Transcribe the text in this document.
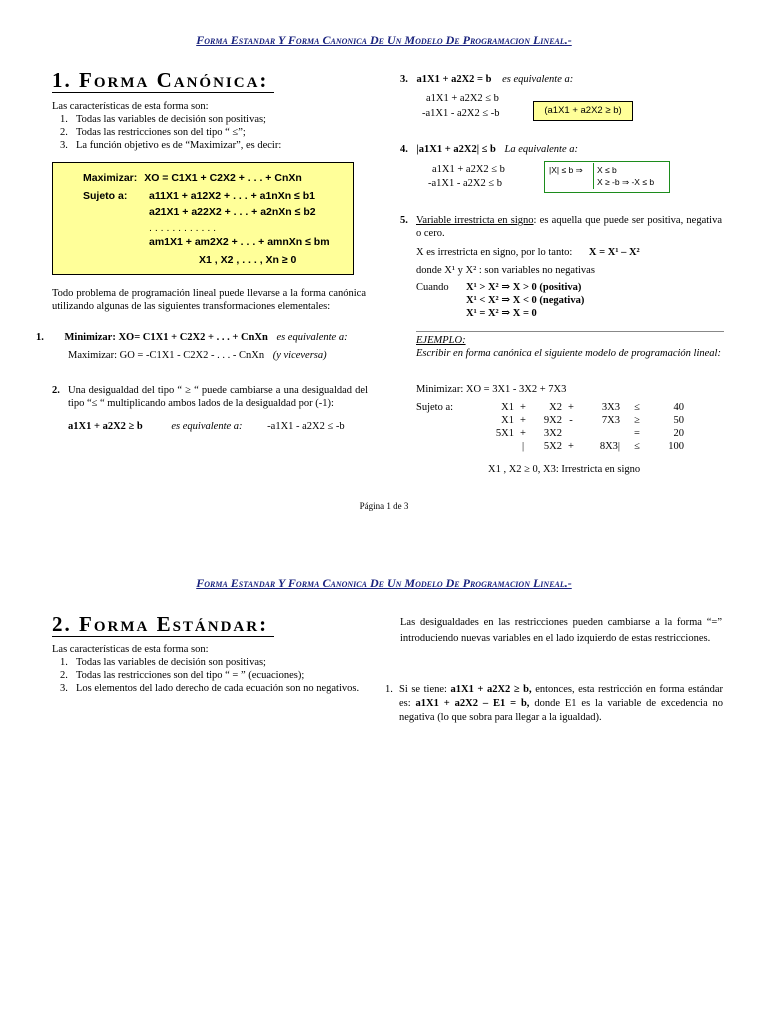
Forma Estandar Y Forma Canonica De Un Modelo De Programacion Lineal.-
1. Forma Canónica:
Las características de esta forma son:
1. Todas las variables de decisión son positivas;
2. Todas las restricciones son del tipo “ ≤”;
3. La función objetivo es de “Maximizar”, es decir:
Maximizar: XO = C1X1 + C2X2 + . . . + CnXn
Sujeto a: a11X1 + a12X2 + . . . + a1nXn ≤ b1
a21X1 + a22X2 + . . . + a2nXn ≤ b2
. . . . . . . . . . . .
am1X1 + am2X2 + . . . + amnXn ≤ bm
X1 , X2 , . . . , Xn ≥ 0
Todo problema de programación lineal puede llevarse a la forma canónica utilizando algunas de las siguientes transformaciones elementales:
1. Minimizar: XO= C1X1 + C2X2 + . . . + CnXn es equivalente a:
Maximizar: GO = -C1X1 - C2X2 - . . . - CnXn (y viceversa)
2. Una desigualdad del tipo “ ≥ “ puede cambiarse a una desigualdad del tipo “≤ “ multiplicando ambos lados de la desigualdad por (-1):
a1X1 + a2X2 ≥ b	es equivalente a: -a1X1 - a2X2 ≤ -b
3. a1X1 + a2X2 = b es equivalente a:
a1X1 + a2X2 ≤ b
-a1X1 - a2X2 ≤ -b	(a1X1 + a2X2 ≥ b)
4. |a1X1 + a2X2| ≤ b La equivalente a:
a1X1 + a2X2 ≤ b
-a1X1 - a2X2 ≤ b
|X| ≤ b ⇒ X ≤ b
X ≥ -b ⇒ -X ≤ b
5. Variable irrestricta en signo: es aquella que puede ser positiva, negativa o cero.
X es irrestricta en signo, por lo tanto: X = X¹ – X²
donde X¹ y X² : son variables no negativas
Cuando X¹ > X² ⇒ X > 0 (positiva)
X¹ < X² ⇒ X < 0 (negativa)
X¹ = X² ⇒ X = 0
EJEMPLO:
Escribir en forma canónica el siguiente modelo de programación lineal:
Minimizar: XO = 3X1 - 3X2 + 7X3
Sujeto a:	X1 +	X2 +	3X3	≤	40
X1 +	9X2 -	7X3	≥	50
5X1 +	3X2	=	20
|	5X2 +	8X3|	≤	100
X1 , X2 ≥ 0, X3: Irrestricta en signo
Página 1 de 3
Forma Estandar Y Forma Canonica De Un Modelo De Programacion Lineal.-
2. Forma Estándar:
Las características de esta forma son:
1. Todas las variables de decisión son positivas;
2. Todas las restricciones son del tipo “ = ” (ecuaciones);
3. Los elementos del lado derecho de cada ecuación son no negativos.
Las desigualdades en las restricciones pueden cambiarse a la forma “=” introduciendo nuevas variables en el lado izquierdo de estas restricciones.
1. Si se tiene: a1X1 + a2X2 ≥ b, entonces, esta restricción en forma estándar es: a1X1 + a2X2 – E1 = b, donde E1 es la variable de excedencia no negativa (lo que sobra para llegar a la igualdad).
